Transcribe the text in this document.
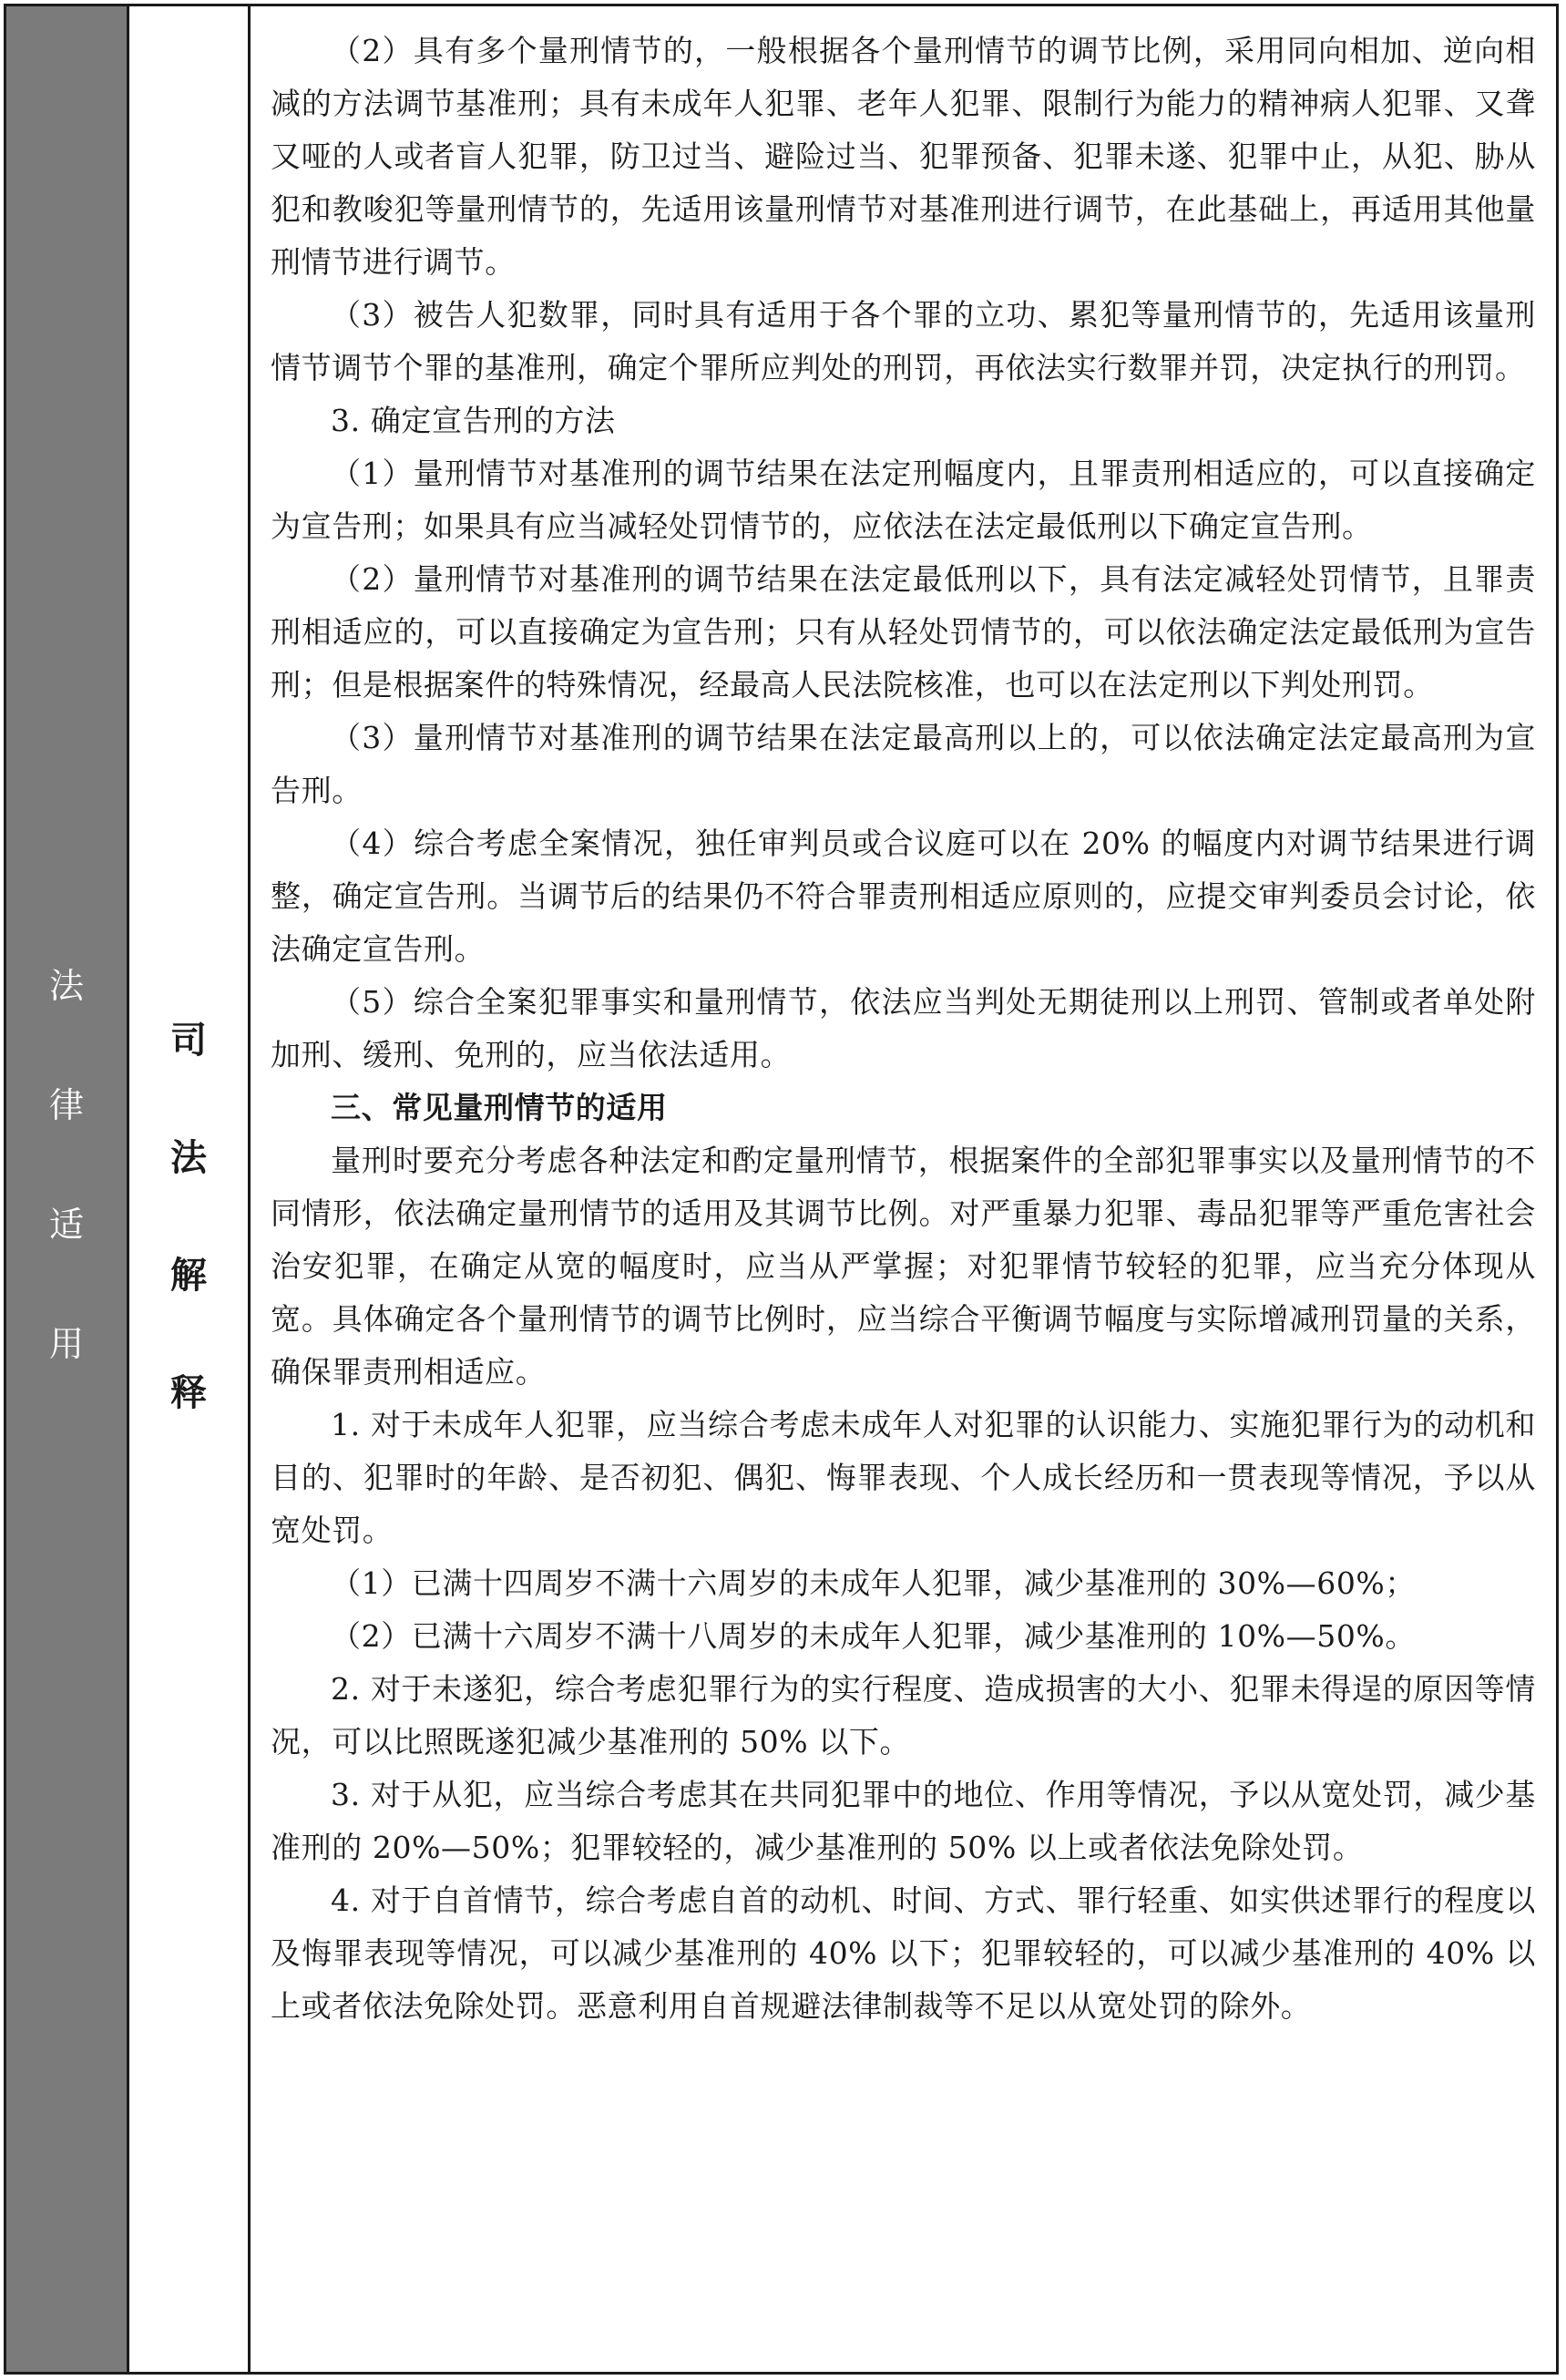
法
律
适
用
司
法
解
释

（2）具有多个量刑情节的，一般根据各个量刑情节的调节比例，采用同向相加、逆向相减的方法调节基准刑；具有未成年人犯罪、老年人犯罪、限制行为能力的精神病人犯罪、又聋又哑的人或者盲人犯罪，防卫过当、避险过当、犯罪预备、犯罪未遂、犯罪中止，从犯、胁从犯和教唆犯等量刑情节的，先适用该量刑情节对基准刑进行调节，在此基础上，再适用其他量刑情节进行调节。

（3）被告人犯数罪，同时具有适用于各个罪的立功、累犯等量刑情节的，先适用该量刑情节调节个罪的基准刑，确定个罪所应判处的刑罚，再依法实行数罪并罚，决定执行的刑罚。

3. 确定宣告刑的方法

（1）量刑情节对基准刑的调节结果在法定刑幅度内，且罪责刑相适应的，可以直接确定为宣告刑；如果具有应当减轻处罚情节的，应依法在法定最低刑以下确定宣告刑。

（2）量刑情节对基准刑的调节结果在法定最低刑以下，具有法定减轻处罚情节，且罪责刑相适应的，可以直接确定为宣告刑；只有从轻处罚情节的，可以依法确定法定最低刑为宣告刑；但是根据案件的特殊情况，经最高人民法院核准，也可以在法定刑以下判处刑罚。

（3）量刑情节对基准刑的调节结果在法定最高刑以上的，可以依法确定法定最高刑为宣告刑。

（4）综合考虑全案情况，独任审判员或合议庭可以在 20% 的幅度内对调节结果进行调整，确定宣告刑。当调节后的结果仍不符合罪责刑相适应原则的，应提交审判委员会讨论，依法确定宣告刑。

（5）综合全案犯罪事实和量刑情节，依法应当判处无期徒刑以上刑罚、管制或者单处附加刑、缓刑、免刑的，应当依法适用。

三、常见量刑情节的适用

量刑时要充分考虑各种法定和酌定量刑情节，根据案件的全部犯罪事实以及量刑情节的不同情形，依法确定量刑情节的适用及其调节比例。对严重暴力犯罪、毒品犯罪等严重危害社会治安犯罪，在确定从宽的幅度时，应当从严掌握；对犯罪情节较轻的犯罪，应当充分体现从宽。具体确定各个量刑情节的调节比例时，应当综合平衡调节幅度与实际增减刑罚量的关系，确保罪责刑相适应。

1. 对于未成年人犯罪，应当综合考虑未成年人对犯罪的认识能力、实施犯罪行为的动机和目的、犯罪时的年龄、是否初犯、偶犯、悔罪表现、个人成长经历和一贯表现等情况，予以从宽处罚。

（1）已满十四周岁不满十六周岁的未成年人犯罪，减少基准刑的 30%—60%；

（2）已满十六周岁不满十八周岁的未成年人犯罪，减少基准刑的 10%—50%。

2. 对于未遂犯，综合考虑犯罪行为的实行程度、造成损害的大小、犯罪未得逞的原因等情况，可以比照既遂犯减少基准刑的 50% 以下。

3. 对于从犯，应当综合考虑其在共同犯罪中的地位、作用等情况，予以从宽处罚，减少基准刑的 20%—50%；犯罪较轻的，减少基准刑的 50% 以上或者依法免除处罚。

4. 对于自首情节，综合考虑自首的动机、时间、方式、罪行轻重、如实供述罪行的程度以及悔罪表现等情况，可以减少基准刑的 40% 以下；犯罪较轻的，可以减少基准刑的 40% 以上或者依法免除处罚。恶意利用自首规避法律制裁等不足以从宽处罚的除外。
